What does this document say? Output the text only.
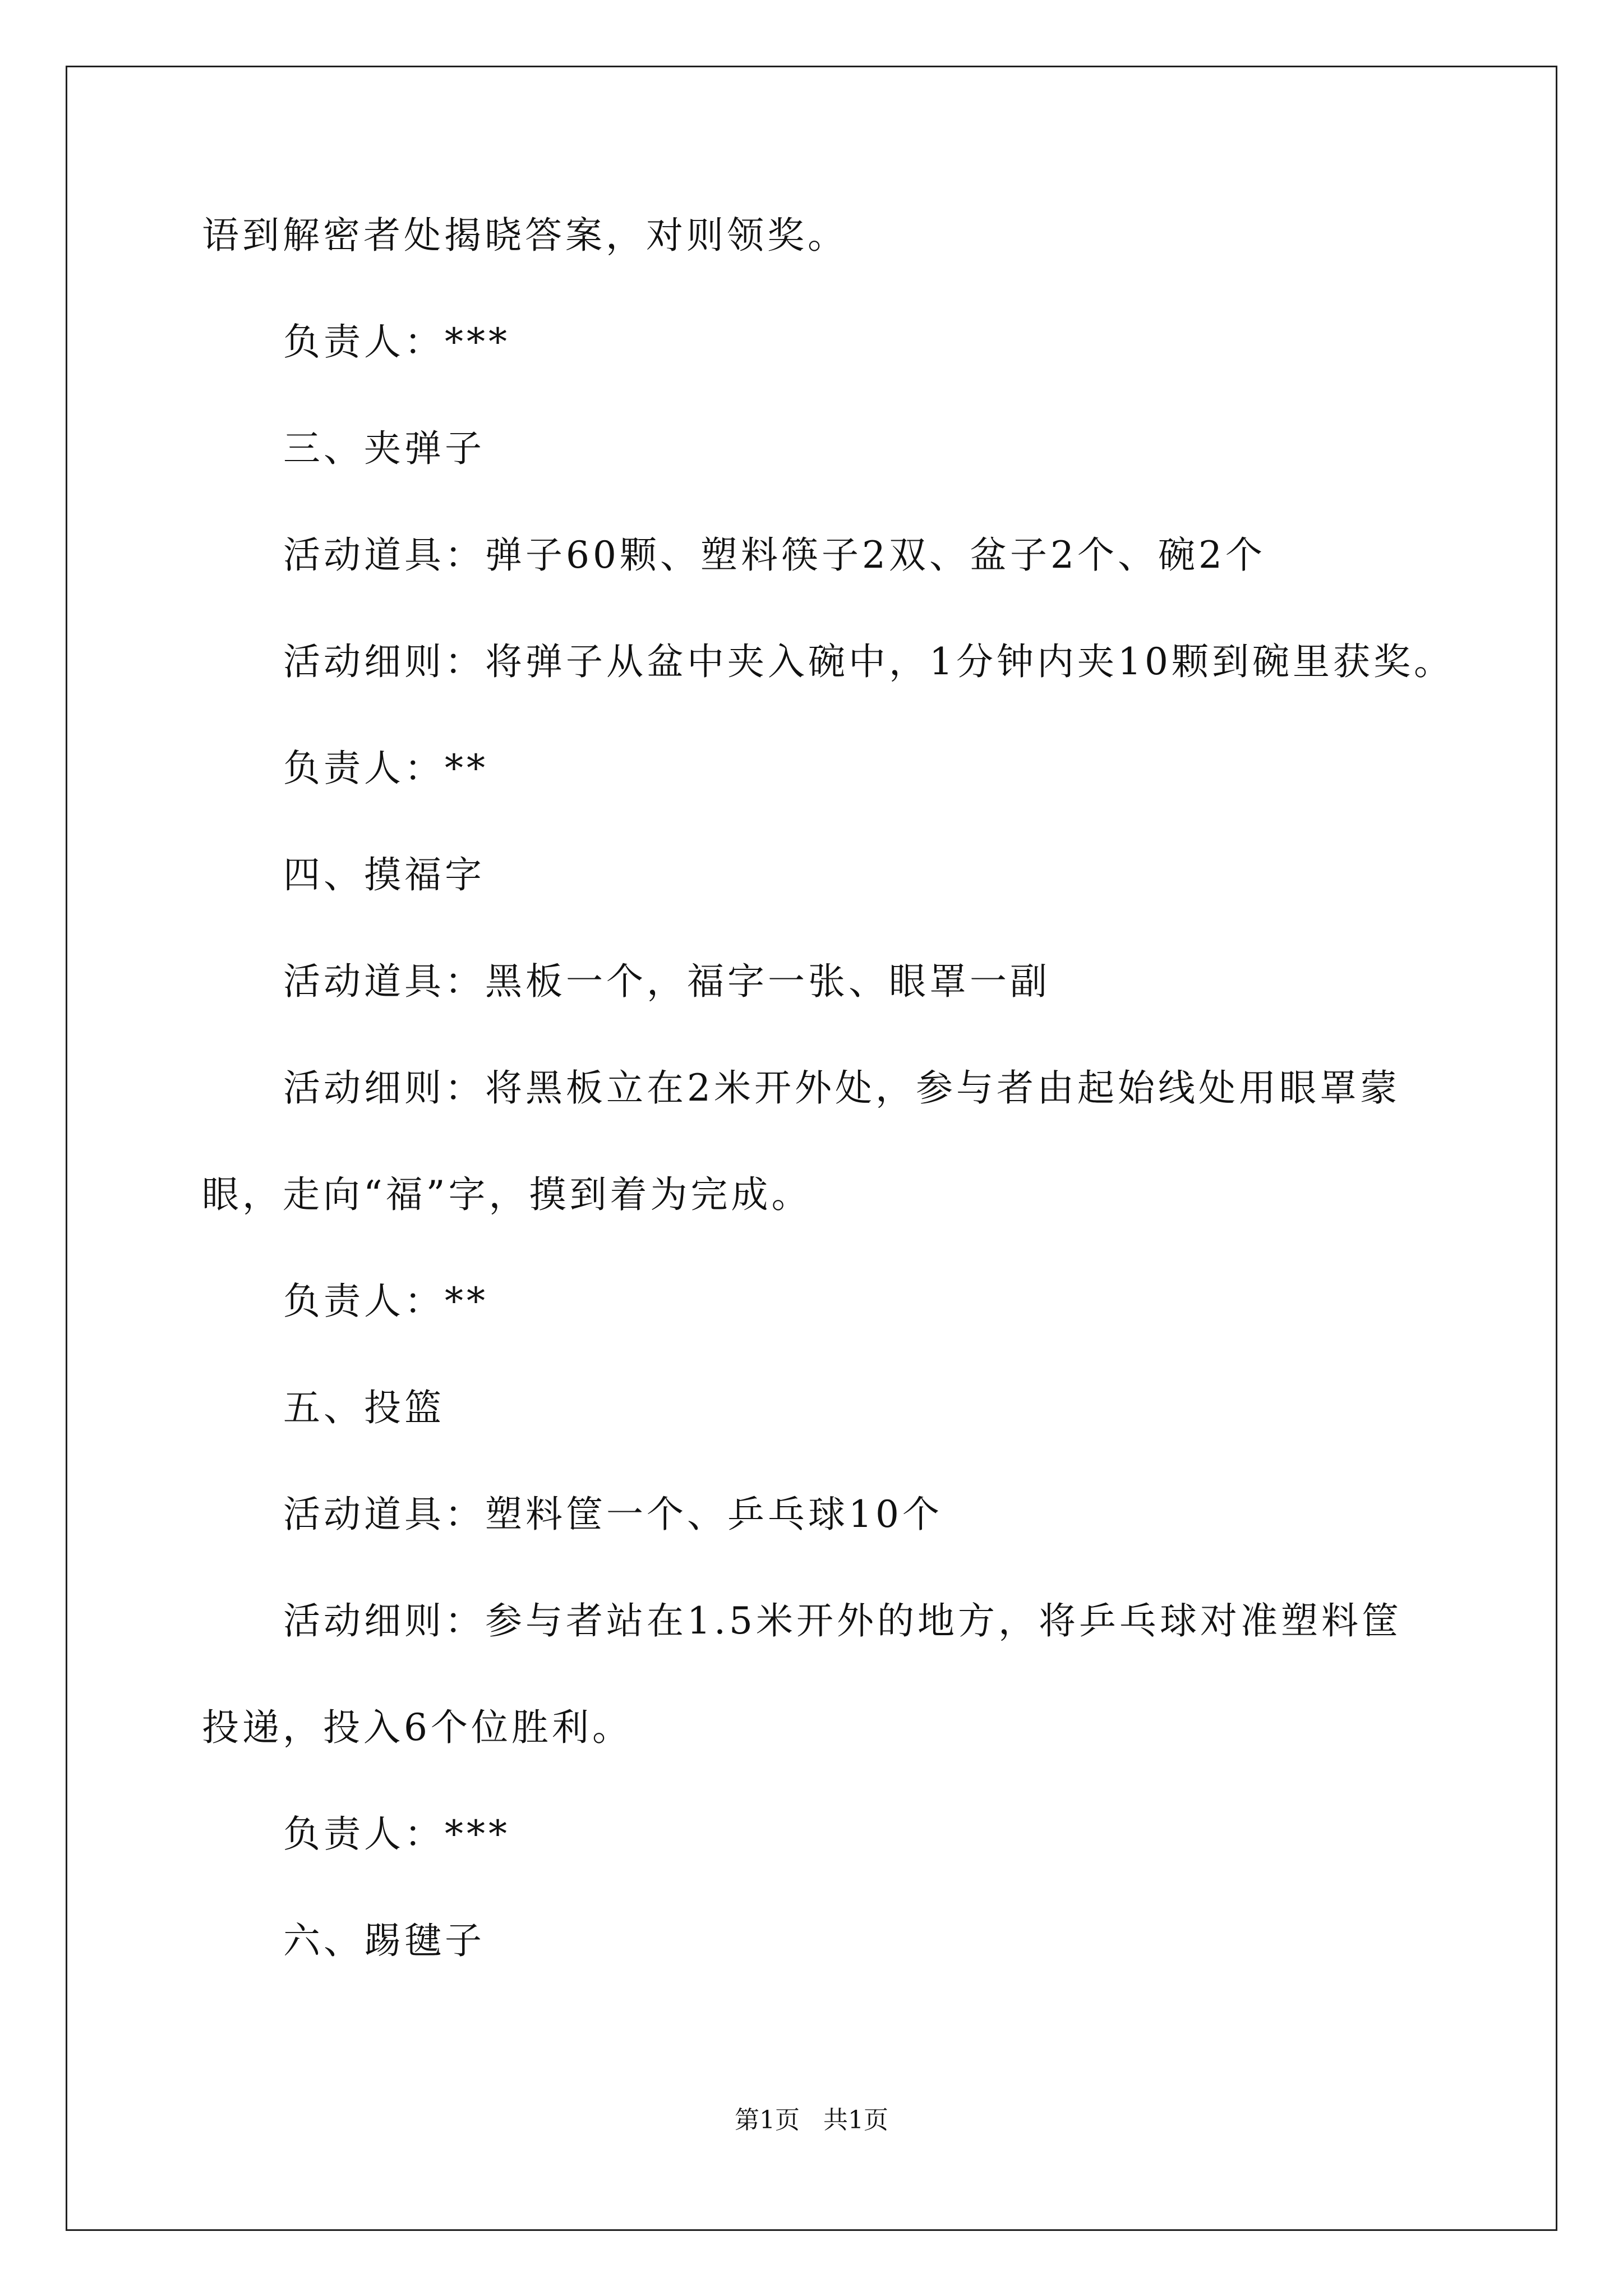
语到解密者处揭晓答案，对则领奖。
负责人：***
三、夹弹子
活动道具：弹子60颗、塑料筷子2双、盆子2个、碗2个
活动细则：将弹子从盆中夹入碗中，1分钟内夹10颗到碗里获奖。
负责人：**
四、摸福字
活动道具：黑板一个，福字一张、眼罩一副
活动细则：将黑板立在2米开外处，参与者由起始线处用眼罩蒙
眼，走向“福”字，摸到着为完成。
负责人：**
五、投篮
活动道具：塑料筐一个、乒乓球10个
活动细则：参与者站在1.5米开外的地方，将乒乓球对准塑料筐
投递，投入6个位胜利。
负责人：***
六、踢毽子
第1页 共1页
